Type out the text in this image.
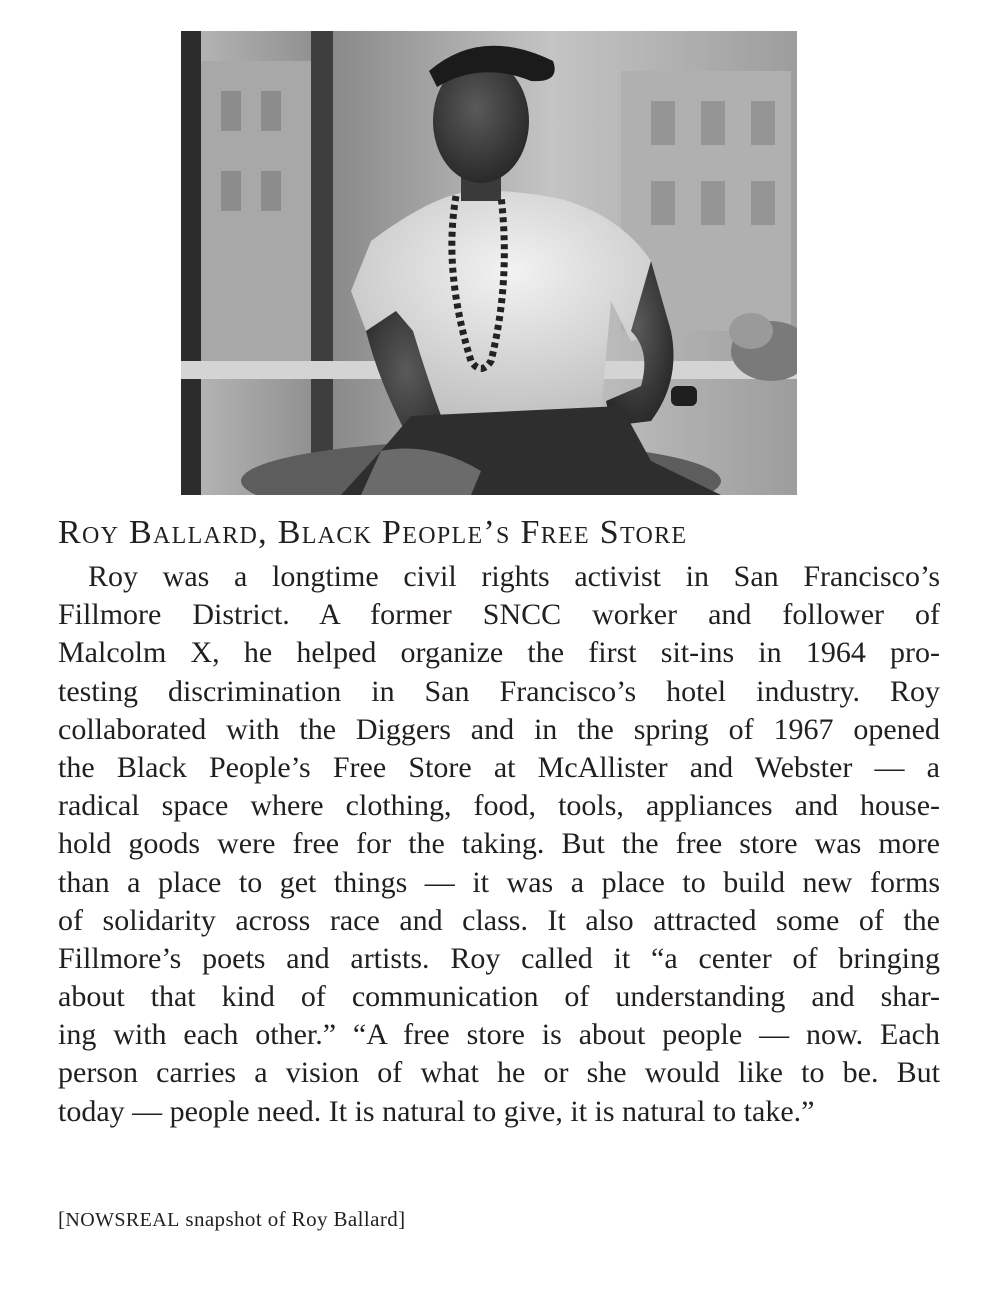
Roy Ballard, Black People’s Free Store
Roy was a longtime civil rights activist in San Francisco’s
Fillmore District. A former SNCC worker and follower of
Malcolm X, he helped organize the first sit-ins in 1964 pro-
testing discrimination in San Francisco’s hotel industry. Roy
collaborated with the Diggers and in the spring of 1967 opened
the Black People’s Free Store at McAllister and Webster — a
radical space where clothing, food, tools, appliances and house-
hold goods were free for the taking. But the free store was more
than a place to get things — it was a place to build new forms
of solidarity across race and class. It also attracted some of the
Fillmore’s poets and artists. Roy called it “a center of bringing
about that kind of communication of understanding and shar-
ing with each other.” “A free store is about people — now. Each
person carries a vision of what he or she would like to be. But
today — people need. It is natural to give, it is natural to take.”

[NOWSREAL snapshot of Roy Ballard]
